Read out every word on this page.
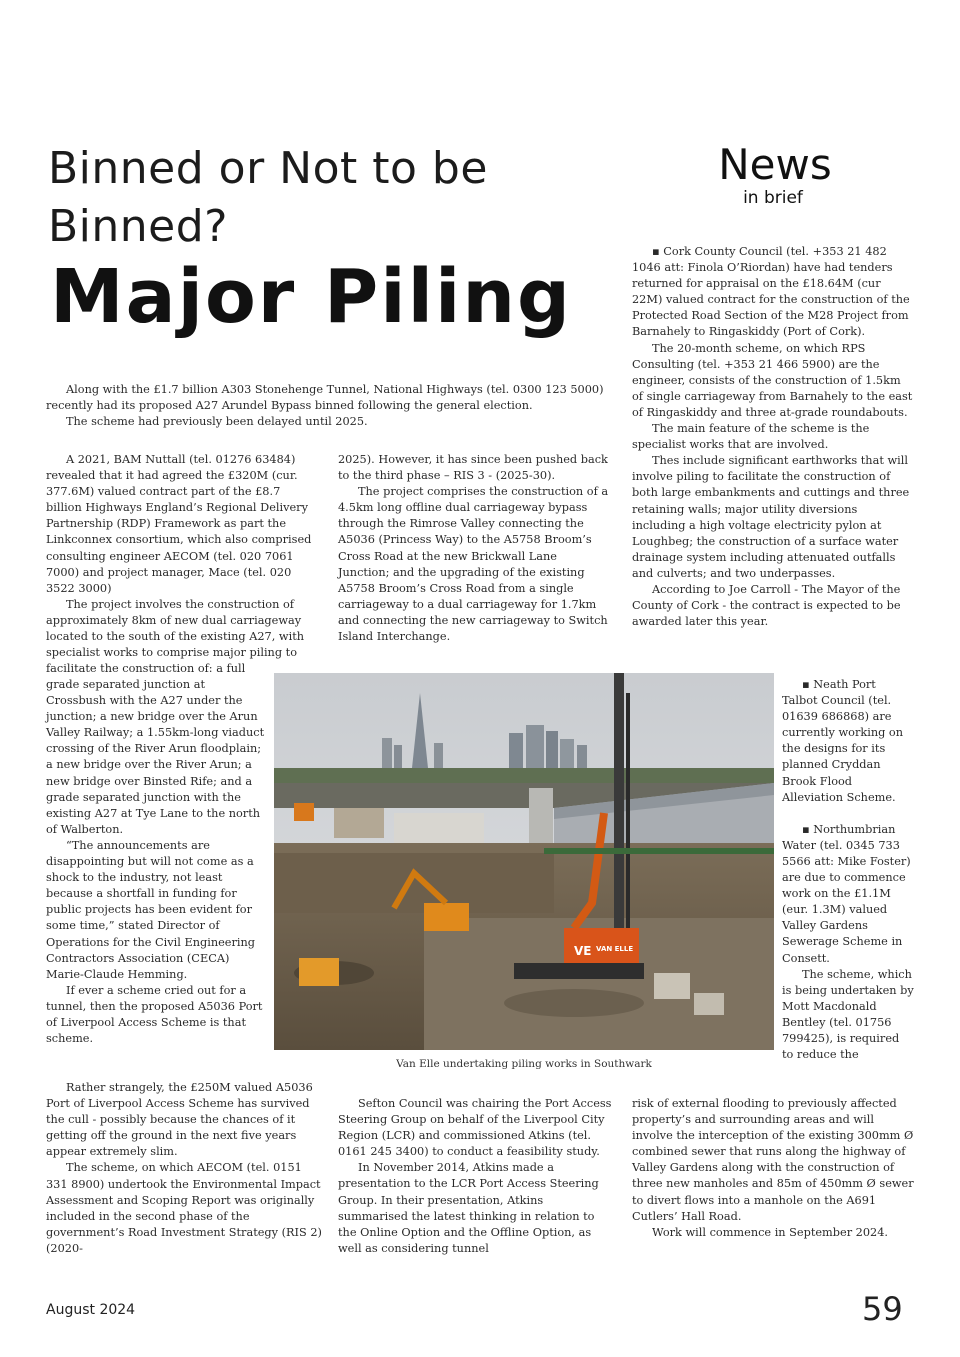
Binned or Not to be Binned?
Major Piling
News
in brief

Along with the £1.7 billion A303 Stonehenge Tunnel, National Highways (tel. 0300 123 5000) recently had its proposed A27 Arundel Bypass binned following the general election.

The scheme had previously been delayed until 2025.

A 2021, BAM Nuttall (tel. 01276 63484) revealed that it had agreed the £320M (cur. 377.6M) valued contract part of the £8.7 billion Highways England’s Regional Delivery Partnership (RDP) Framework as part the Linkconnex consortium, which also comprised consulting engineer AECOM (tel. 020 7061 7000) and project manager, Mace (tel. 020 3522 3000)

The project involves the construction of approximately 8km of new dual carriageway located to the south of the existing A27, with specialist works to comprise major piling to facilitate the construction of: a full

2025). However, it has since been pushed back to the third phase – RIS 3 - (2025-30).

The project comprises the construction of a 4.5km long offline dual carriageway bypass through the Rimrose Valley connecting the A5036 (Princess Way) to the A5758 Broom’s Cross Road at the new Brickwall Lane Junction; and the upgrading of the existing A5758 Broom’s Cross Road from a single carriageway to a dual carriageway for 1.7km and connecting the new carriageway to Switch Island Interchange.

▪ Cork County Council (tel. +353 21 482 1046 att: Finola O’Riordan) have had tenders returned for appraisal on the £18.64M (cur 22M) valued contract for the construction of the Protected Road Section of the M28 Project from Barnahely to Ringaskiddy (Port of Cork).

The 20-month scheme, on which RPS Consulting (tel. +353 21 466 5900) are the engineer, consists of the construction of 1.5km of single carriageway from Barnahely to the east of Ringaskiddy and three at-grade roundabouts.

The main feature of the scheme is the specialist works that are involved.

Thes include significant earthworks that will involve piling to facilitate the construction of both large embankments and cuttings and three retaining walls; major utility diversions including a high voltage electricity pylon at Loughbeg; the construction of a surface water drainage system including attenuated outfalls and culverts; and two underpasses.

According to Joe Carroll - The Mayor of the County of Cork - the contract is expected to be awarded later this year.

grade separated junction at Crossbush with the A27 under the junction; a new bridge over the Arun Valley Railway; a 1.55km-long viaduct crossing of the River Arun floodplain; a new bridge over the River Arun; a new bridge over Binsted Rife; and a grade separated junction with the existing A27 at Tye Lane to the north of Walberton.

“The announcements are disappointing but will not come as a shock to the industry, not least because a shortfall in funding for public projects has been evident for some time,” stated Director of Operations for the Civil Engineering Contractors Association (CECA) Marie-Claude Hemming.

If ever a scheme cried out for a tunnel, then the proposed A5036 Port of Liverpool Access Scheme is that scheme.

VE VAN ELLE
Van Elle undertaking piling works in Southwark

▪ Neath Port Talbot Council (tel. 01639 686868) are currently working on the designs for its planned Cryddan Brook Flood Alleviation Scheme.

▪ Northumbrian Water (tel. 0345 733 5566 att: Mike Foster) are due to commence work on the £1.1M (eur. 1.3M) valued Valley Gardens Sewerage Scheme in Consett.

The scheme, which is being undertaken by Mott Macdonald Bentley (tel. 01756 799425), is required to reduce the

Rather strangely, the £250M valued A5036 Port of Liverpool Access Scheme has survived the cull - possibly because the chances of it getting off the ground in the next five years appear extremely slim.

The scheme, on which AECOM (tel. 0151 331 8900) undertook the Environmental Impact Assessment and Scoping Report was originally included in the second phase of the government’s Road Investment Strategy (RIS 2) (2020-

Sefton Council was chairing the Port Access Steering Group on behalf of the Liverpool City Region (LCR) and commissioned Atkins (tel. 0161 245 3400) to conduct a feasibility study.

In November 2014, Atkins made a presentation to the LCR Port Access Steering Group. In their presentation, Atkins summarised the latest thinking in relation to the Online Option and the Offline Option, as well as considering tunnel

risk of external flooding to previously affected property’s and surrounding areas and will involve the interception of the existing 300mm Ø combined sewer that runs along the highway of Valley Gardens along with the construction of three new manholes and 85m of 450mm Ø sewer to divert flows into a manhole on the A691 Cutlers’ Hall Road.

Work will commence in September 2024.

August 2024	59
